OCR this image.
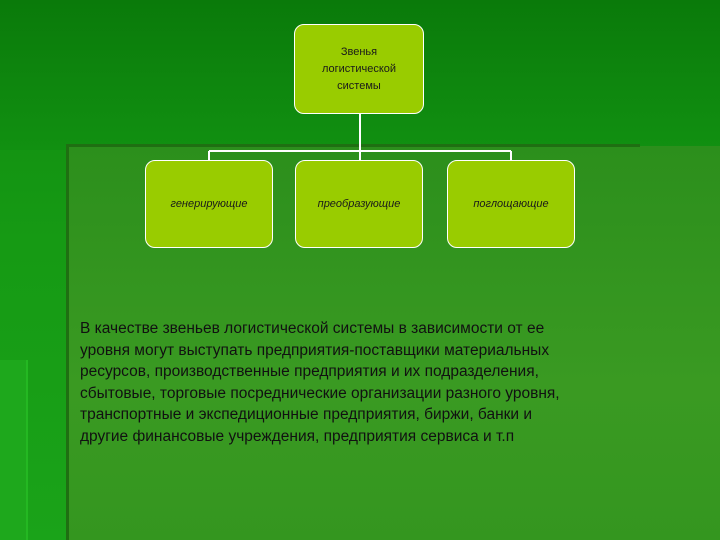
Звенья
логистической
системы
генерирующие	преобразующие	поглощающие
В качестве звеньев логистической системы в зависимости от ее
уровня могут выступать предприятия-поставщики материальных
ресурсов, производственные предприятия и их подразделения,
сбытовые, торговые посреднические организации разного уровня,
транспортные и экспедиционные предприятия, биржи, банки и
другие финансовые учреждения, предприятия сервиса и т.п
